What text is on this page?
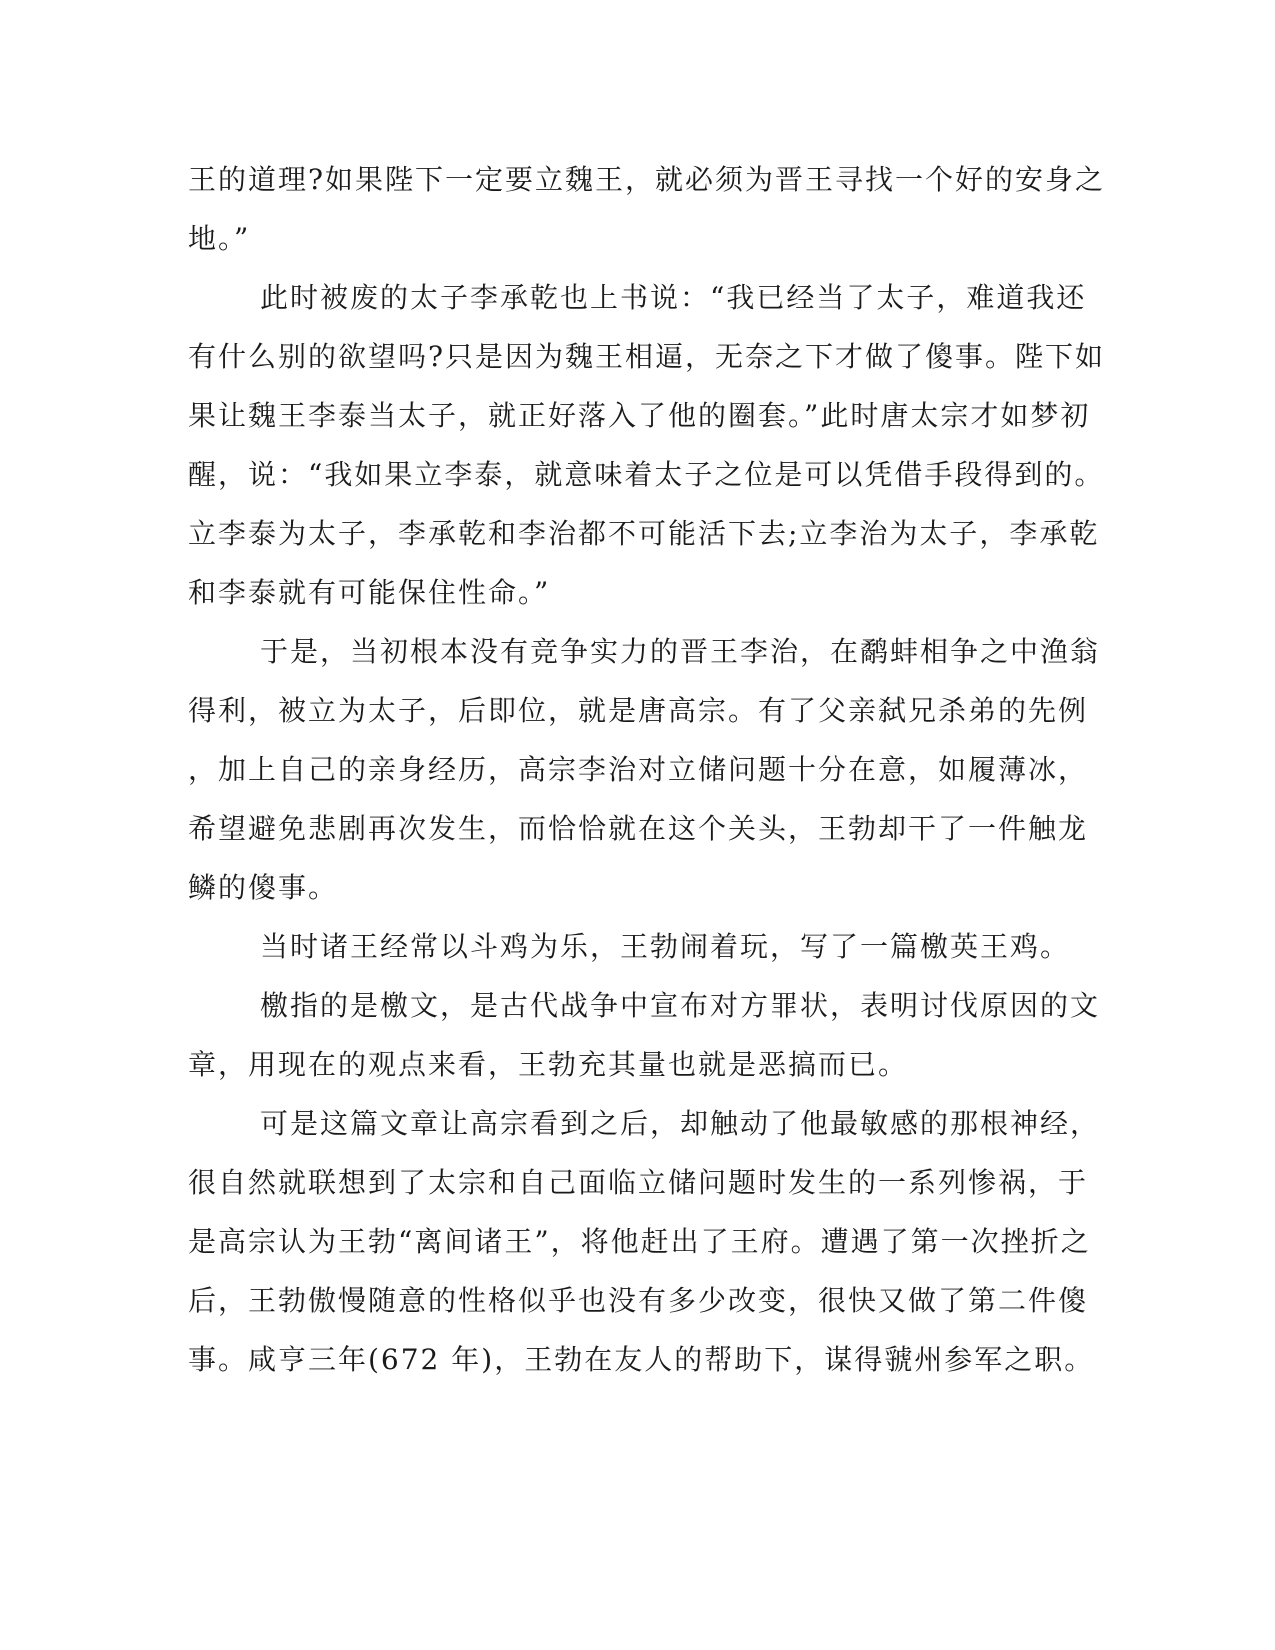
王的道理?如果陛下一定要立魏王，就必须为晋王寻找一个好的安身之
地。”
此时被废的太子李承乾也上书说：“我已经当了太子，难道我还
有什么别的欲望吗?只是因为魏王相逼，无奈之下才做了傻事。陛下如
果让魏王李泰当太子，就正好落入了他的圈套。”此时唐太宗才如梦初
醒，说：“我如果立李泰，就意味着太子之位是可以凭借手段得到的。
立李泰为太子，李承乾和李治都不可能活下去;立李治为太子，李承乾
和李泰就有可能保住性命。”
于是，当初根本没有竞争实力的晋王李治，在鹬蚌相争之中渔翁
得利，被立为太子，后即位，就是唐高宗。有了父亲弑兄杀弟的先例
，加上自己的亲身经历，高宗李治对立储问题十分在意，如履薄冰，
希望避免悲剧再次发生，而恰恰就在这个关头，王勃却干了一件触龙
鳞的傻事。
当时诸王经常以斗鸡为乐，王勃闹着玩，写了一篇檄英王鸡。
檄指的是檄文，是古代战争中宣布对方罪状，表明讨伐原因的文
章，用现在的观点来看，王勃充其量也就是恶搞而已。
可是这篇文章让高宗看到之后，却触动了他最敏感的那根神经，
很自然就联想到了太宗和自己面临立储问题时发生的一系列惨祸，于
是高宗认为王勃“离间诸王”，将他赶出了王府。遭遇了第一次挫折之
后，王勃傲慢随意的性格似乎也没有多少改变，很快又做了第二件傻
事。咸亨三年(672 年)，王勃在友人的帮助下，谋得虢州参军之职。
